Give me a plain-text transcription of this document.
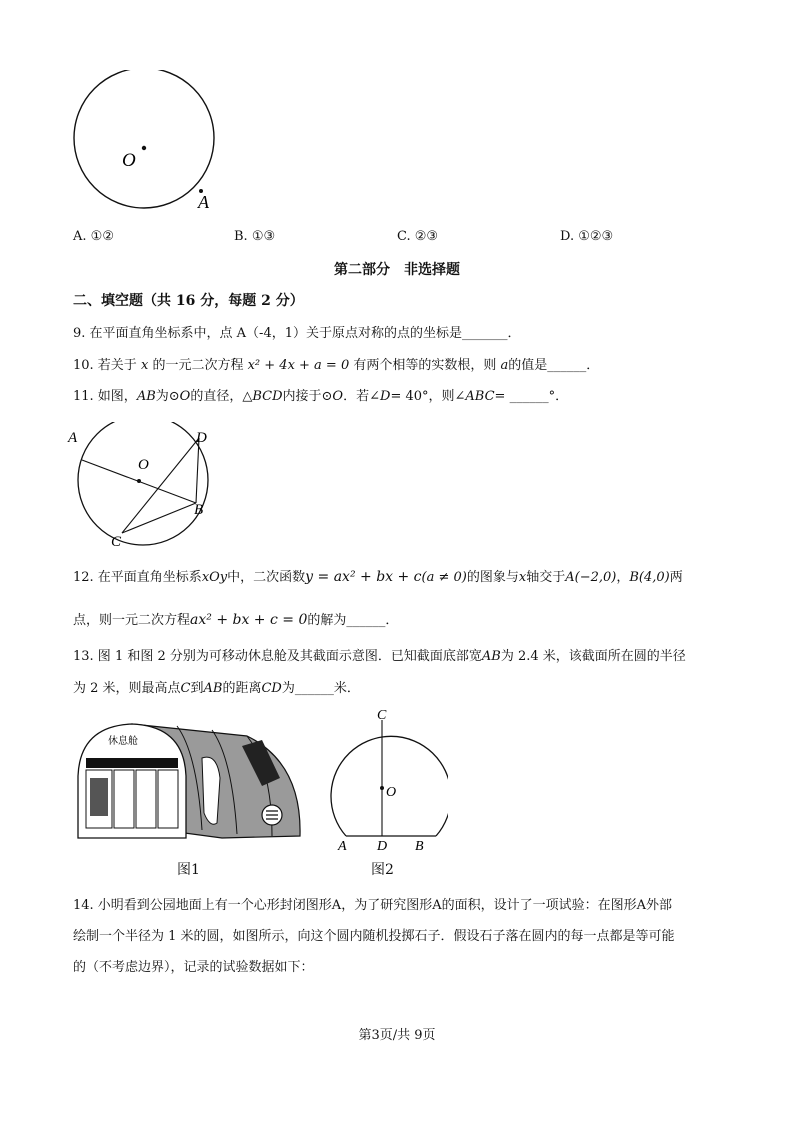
O
A
A. ①②	B. ①③	C. ②③	D. ①②③
第二部分　非选择题
二、填空题（共 16 分，每题 2 分）
9. 在平面直角坐标系中，点 A（-4，1）关于原点对称的点的坐标是_______．
10. 若关于 x 的一元二次方程 x² + 4x + a = 0 有两个相等的实数根，则 a的值是______．
11. 如图，AB为⊙O的直径，△BCD内接于⊙O．若∠D= 40°，则∠ABC= ______°．
A	D
O
B
C
12. 在平面直角坐标系xOy中，二次函数y = ax² + bx + c(a ≠ 0)的图象与x轴交于A(−2,0)，B(4,0)两
点，则一元二次方程ax² + bx + c = 0的解为______．
13. 图 1 和图 2 分别为可移动休息舱及其截面示意图．已知截面底部宽AB为 2.4 米，该截面所在圆的半径
为 2 米，则最高点C到AB的距离CD为______米．
休息舱
图1
C
O
A D B
图2
14. 小明看到公园地面上有一个心形封闭图形A，为了研究图形A的面积，设计了一项试验：在图形A外部
绘制一个半径为 1 米的圆，如图所示，向这个圆内随机投掷石子．假设石子落在圆内的每一点都是等可能
的（不考虑边界），记录的试验数据如下：
第3页/共 9页
